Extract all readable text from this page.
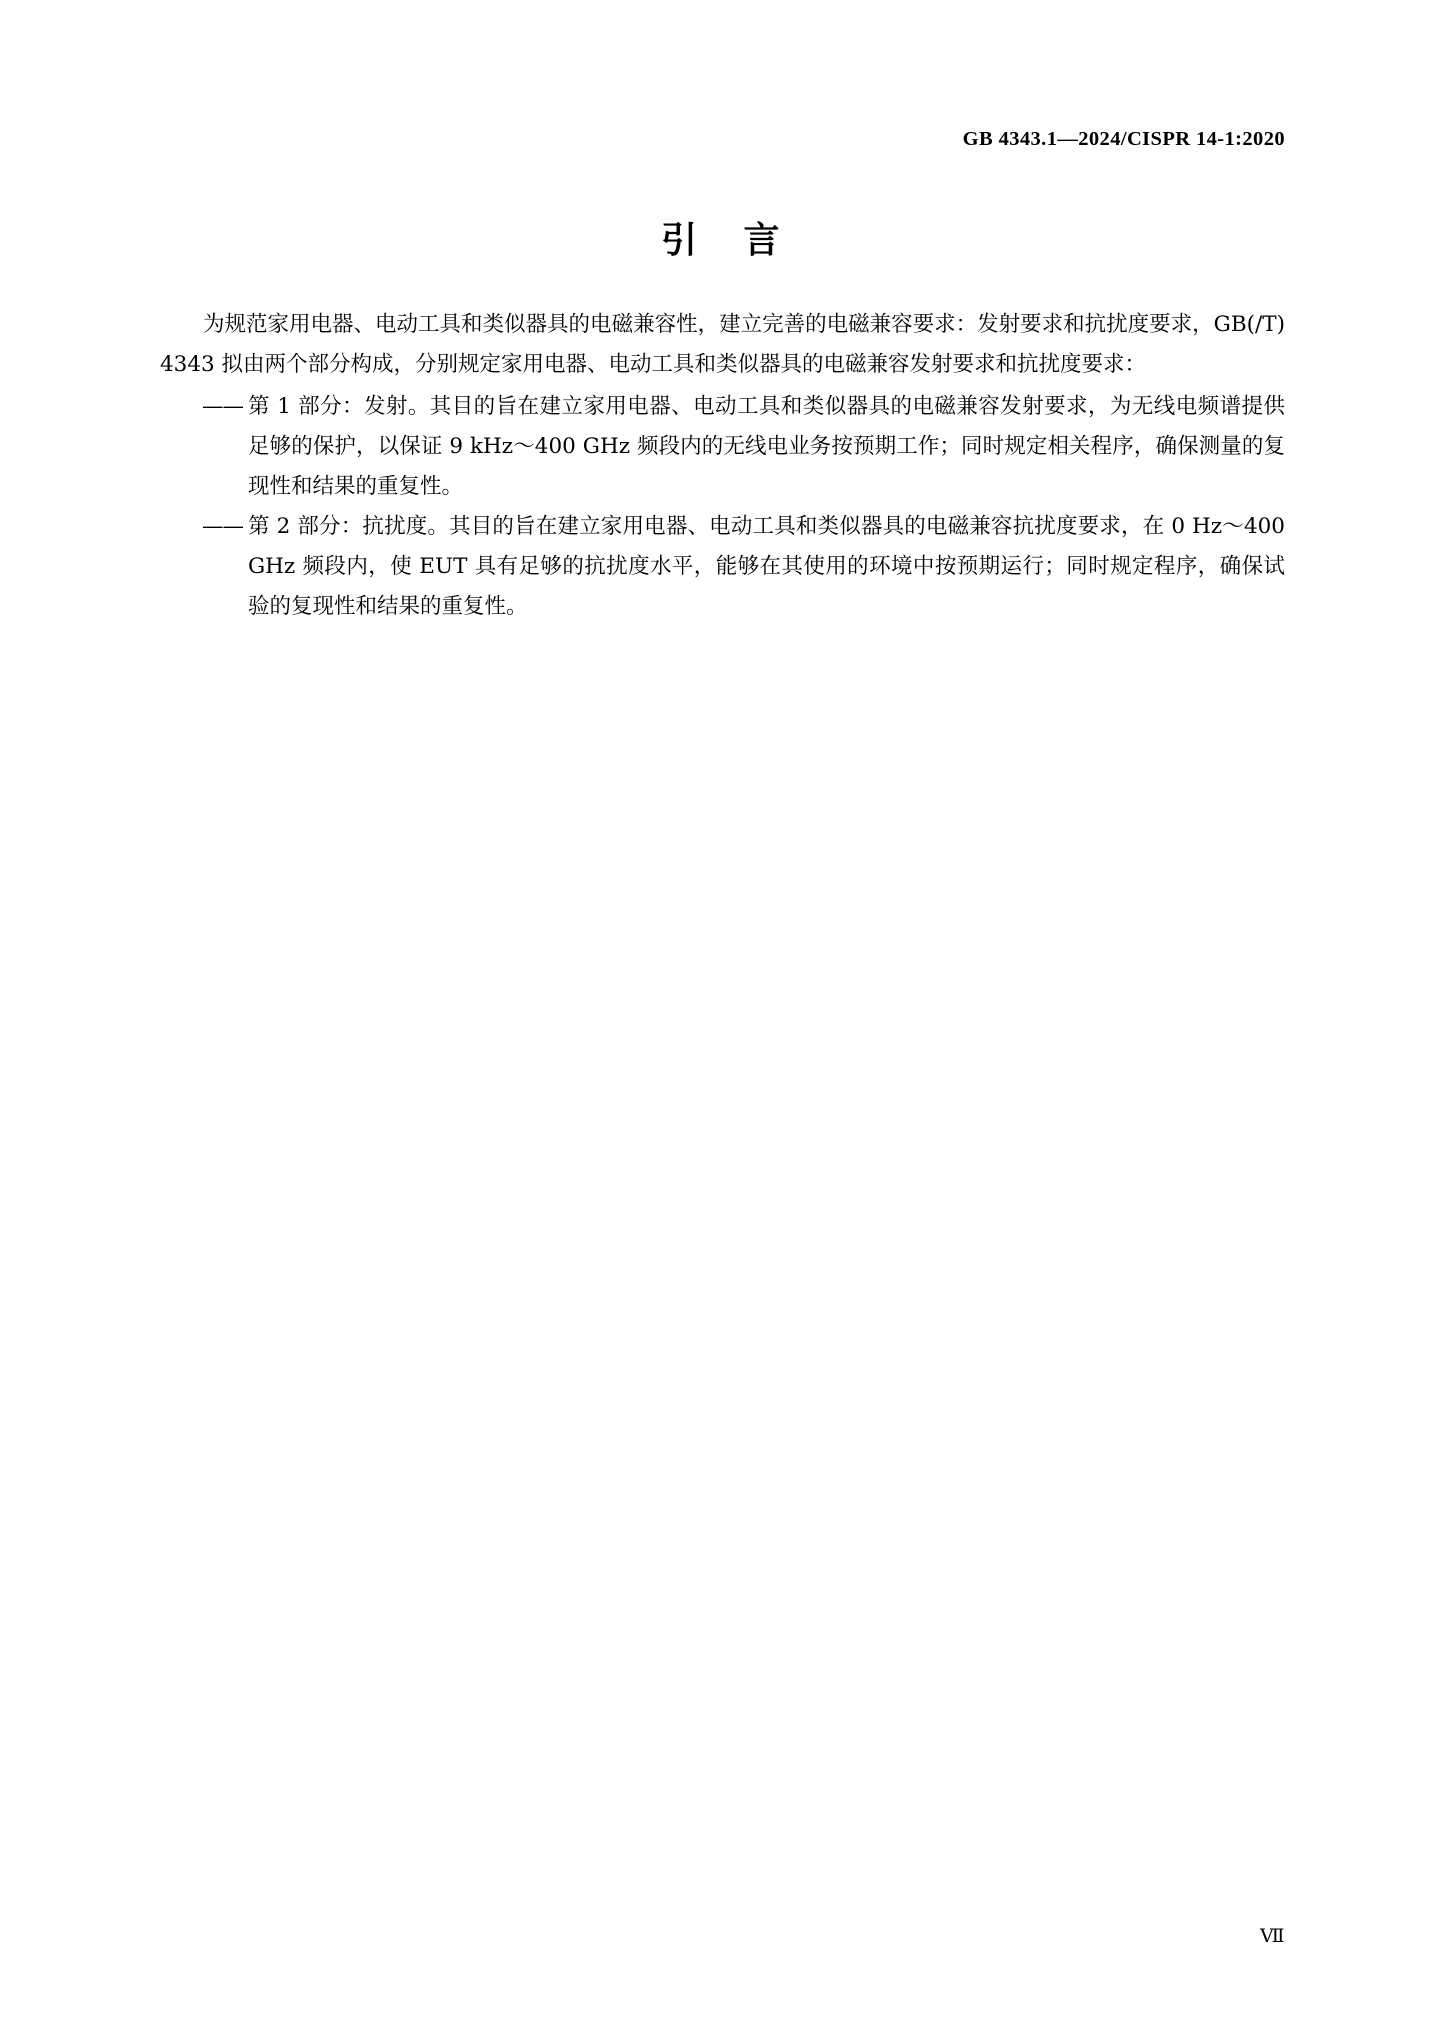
GB 4343.1—2024/CISPR 14-1:2020
引 言

为规范家用电器、电动工具和类似器具的电磁兼容性，建立完善的电磁兼容要求：发射要求和抗扰度要求，GB(/T) 4343 拟由两个部分构成，分别规定家用电器、电动工具和类似器具的电磁兼容发射要求和抗扰度要求：

—— 第 1 部分：发射。其目的旨在建立家用电器、电动工具和类似器具的电磁兼容发射要求，为无线电频谱提供足够的保护，以保证 9 kHz～400 GHz 频段内的无线电业务按预期工作；同时规定相关程序，确保测量的复现性和结果的重复性。
—— 第 2 部分：抗扰度。其目的旨在建立家用电器、电动工具和类似器具的电磁兼容抗扰度要求，在 0 Hz～400 GHz 频段内，使 EUT 具有足够的抗扰度水平，能够在其使用的环境中按预期运行；同时规定程序，确保试验的复现性和结果的重复性。
Ⅶ
